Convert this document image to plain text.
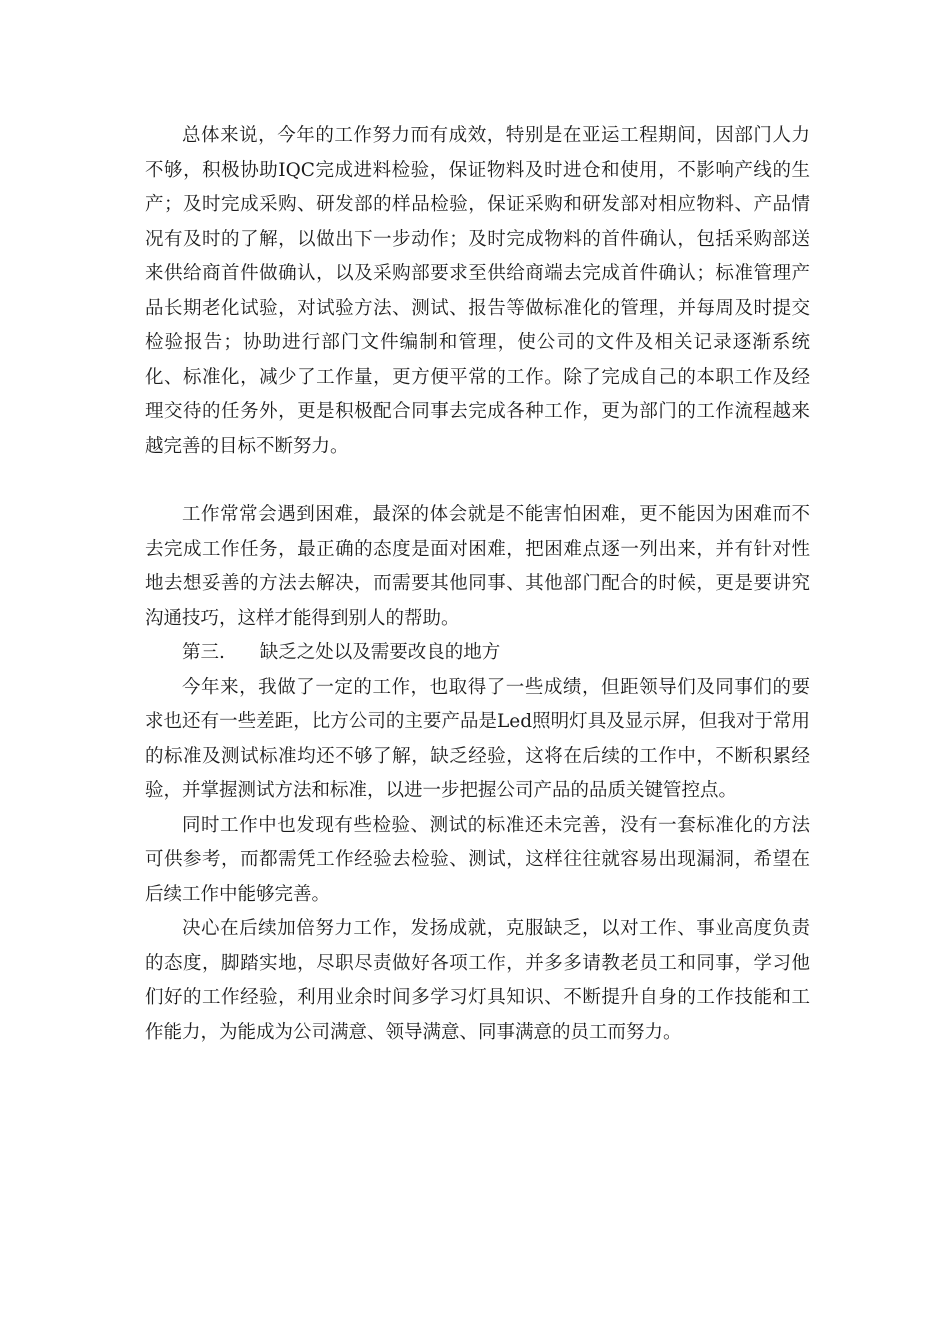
总体来说，今年的工作努力而有成效，特别是在亚运工程期间，因部门人力不够，积极协助IQC完成进料检验，保证物料及时进仓和使用，不影响产线的生产；及时完成采购、研发部的样品检验，保证采购和研发部对相应物料、产品情况有及时的了解，以做出下一步动作；及时完成物料的首件确认，包括采购部送来供给商首件做确认，以及采购部要求至供给商端去完成首件确认；标准管理产品长期老化试验，对试验方法、测试、报告等做标准化的管理，并每周及时提交检验报告；协助进行部门文件编制和管理，使公司的文件及相关记录逐渐系统化、标准化，减少了工作量，更方便平常的工作。除了完成自己的本职工作及经理交待的任务外，更是积极配合同事去完成各种工作，更为部门的工作流程越来越完善的目标不断努力。

工作常常会遇到困难，最深的体会就是不能害怕困难，更不能因为困难而不去完成工作任务，最正确的态度是面对困难，把困难点逐一列出来，并有针对性地去想妥善的方法去解决，而需要其他同事、其他部门配合的时候，更是要讲究沟通技巧，这样才能得到别人的帮助。

第三. 缺乏之处以及需要改良的地方

今年来，我做了一定的工作，也取得了一些成绩，但距领导们及同事们的要求也还有一些差距，比方公司的主要产品是Led照明灯具及显示屏，但我对于常用的标准及测试标准均还不够了解，缺乏经验，这将在后续的工作中，不断积累经验，并掌握测试方法和标准，以进一步把握公司产品的品质关键管控点。

同时工作中也发现有些检验、测试的标准还未完善，没有一套标准化的方法可供参考，而都需凭工作经验去检验、测试，这样往往就容易出现漏洞，希望在后续工作中能够完善。

决心在后续加倍努力工作，发扬成就，克服缺乏，以对工作、事业高度负责的态度，脚踏实地，尽职尽责做好各项工作，并多多请教老员工和同事，学习他们好的工作经验，利用业余时间多学习灯具知识、不断提升自身的工作技能和工作能力，为能成为公司满意、领导满意、同事满意的员工而努力。
